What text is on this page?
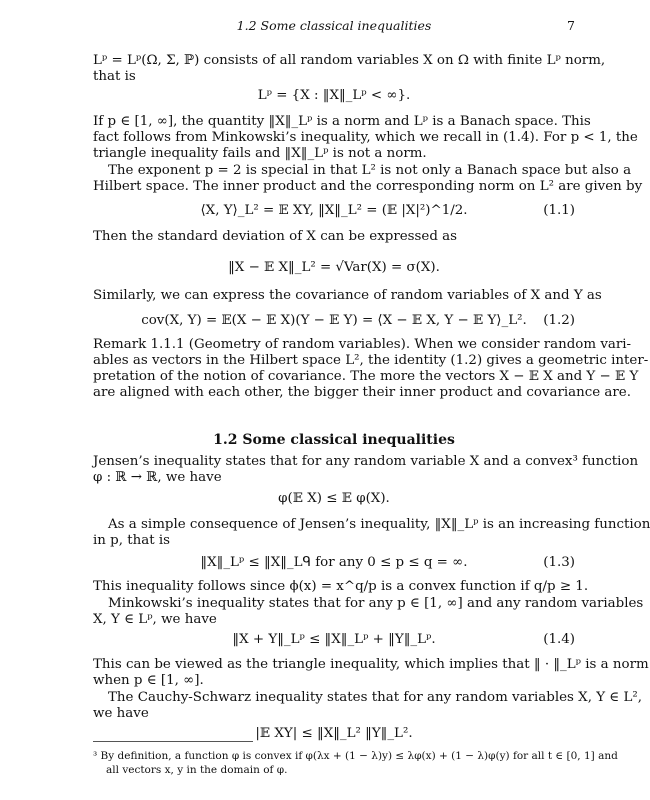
1.2 Some classical inequalities	7
Lᵖ = Lᵖ(Ω, Σ, ℙ) consists of all random variables X on Ω with finite Lᵖ norm,
that is
Lᵖ = {X : ‖X‖_Lᵖ < ∞}.
If p ∈ [1, ∞], the quantity ‖X‖_Lᵖ is a norm and Lᵖ is a Banach space. This
fact follows from Minkowski’s inequality, which we recall in (1.4). For p < 1, the
triangle inequality fails and ‖X‖_Lᵖ is not a norm.
The exponent p = 2 is special in that L² is not only a Banach space but also a
Hilbert space. The inner product and the corresponding norm on L² are given by
⟨X, Y⟩_L² = 𝔼 XY, ‖X‖_L² = (𝔼 |X|²)^1/2.	(1.1)
Then the standard deviation of X can be expressed as
‖X − 𝔼 X‖_L² = √Var(X) = σ(X).
Similarly, we can express the covariance of random variables of X and Y as
cov(X, Y) = 𝔼(X − 𝔼 X)(Y − 𝔼 Y) = ⟨X − 𝔼 X, Y − 𝔼 Y⟩_L².	(1.2)
Remark 1.1.1 (Geometry of random variables). When we consider random vari-
ables as vectors in the Hilbert space L², the identity (1.2) gives a geometric inter-
pretation of the notion of covariance. The more the vectors X − 𝔼 X and Y − 𝔼 Y
are aligned with each other, the bigger their inner product and covariance are.
1.2 Some classical inequalities
Jensen’s inequality states that for any random variable X and a convex³ function
φ : ℝ → ℝ, we have
φ(𝔼 X) ≤ 𝔼 φ(X).
As a simple consequence of Jensen’s inequality, ‖X‖_Lᵖ is an increasing function
in p, that is
‖X‖_Lᵖ ≤ ‖X‖_Lᑫ for any 0 ≤ p ≤ q = ∞.	(1.3)
This inequality follows since ϕ(x) = x^q/p is a convex function if q/p ≥ 1.
Minkowski’s inequality states that for any p ∈ [1, ∞] and any random variables
X, Y ∈ Lᵖ, we have
‖X + Y‖_Lᵖ ≤ ‖X‖_Lᵖ + ‖Y‖_Lᵖ.	(1.4)
This can be viewed as the triangle inequality, which implies that ‖ · ‖_Lᵖ is a norm
when p ∈ [1, ∞].
The Cauchy-Schwarz inequality states that for any random variables X, Y ∈ L²,
we have
|𝔼 XY| ≤ ‖X‖_L² ‖Y‖_L².
³ By definition, a function φ is convex if φ(λx + (1 − λ)y) ≤ λφ(x) + (1 − λ)φ(y) for all t ∈ [0, 1] and
all vectors x, y in the domain of φ.
